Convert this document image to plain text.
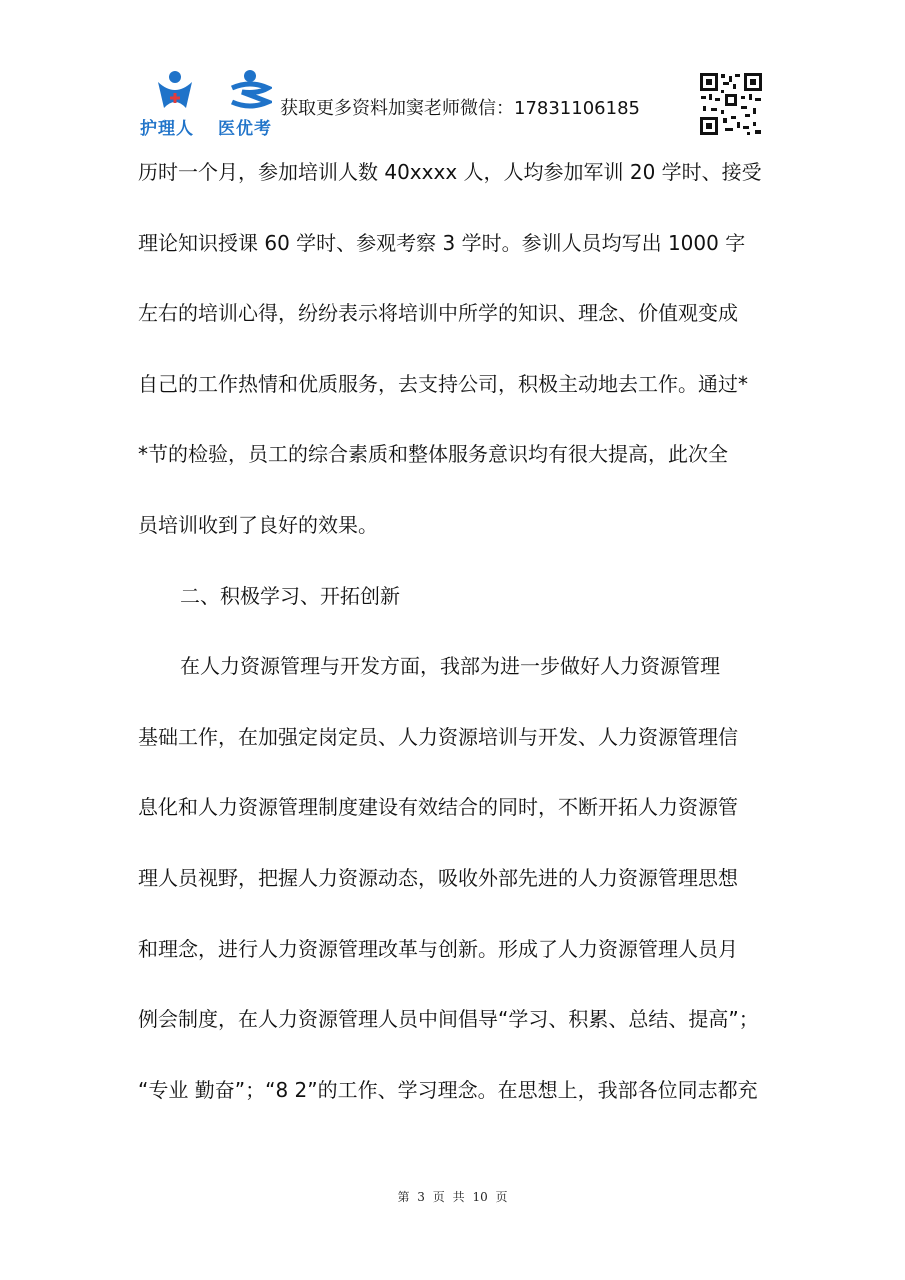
护理人 医优考
获取更多资料加窦老师微信：17831106185
历时一个月，参加培训人数 40xxxx 人，人均参加军训 20 学时、接受
理论知识授课 60 学时、参观考察 3 学时。参训人员均写出 1000 字
左右的培训心得，纷纷表示将培训中所学的知识、理念、价值观变成
自己的工作热情和优质服务，去支持公司，积极主动地去工作。通过*
*节的检验，员工的综合素质和整体服务意识均有很大提高，此次全
员培训收到了良好的效果。
二、积极学习、开拓创新
在人力资源管理与开发方面，我部为进一步做好人力资源管理
基础工作，在加强定岗定员、人力资源培训与开发、人力资源管理信
息化和人力资源管理制度建设有效结合的同时，不断开拓人力资源管
理人员视野，把握人力资源动态，吸收外部先进的人力资源管理思想
和理念，进行人力资源管理改革与创新。形成了人力资源管理人员月
例会制度，在人力资源管理人员中间倡导“学习、积累、总结、提高”；
“专业 勤奋”；“8 2”的工作、学习理念。在思想上，我部各位同志都充
第 3 页 共 10 页
